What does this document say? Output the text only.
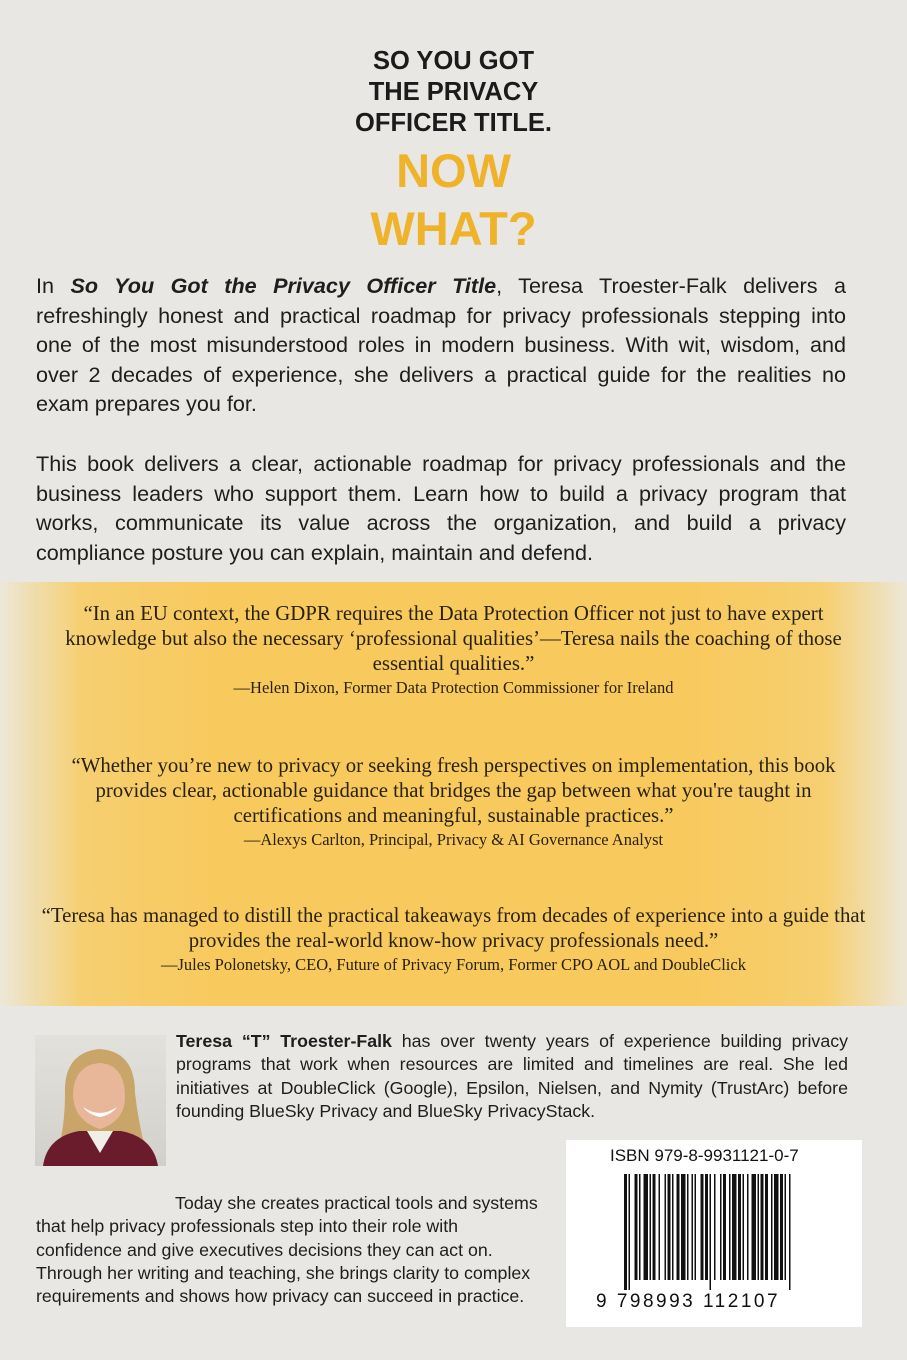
SO YOU GOT
THE PRIVACY
OFFICER TITLE.
NOW
WHAT?
In So You Got the Privacy Officer Title, Teresa Troester-Falk delivers a refreshingly honest and practical roadmap for privacy professionals stepping into one of the most misunderstood roles in modern business. With wit, wisdom, and over 2 decades of experience, she delivers a practical guide for the realities no exam prepares you for.
This book delivers a clear, actionable roadmap for privacy professionals and the business leaders who support them. Learn how to build a privacy program that works, communicate its value across the organization, and build a privacy compliance posture you can explain, maintain and defend.
“In an EU context, the GDPR requires the Data Protection Officer not just to have expert knowledge but also the necessary ‘professional qualities’—Teresa nails the coaching of those essential qualities.”
—Helen Dixon, Former Data Protection Commissioner for Ireland
“Whether you’re new to privacy or seeking fresh perspectives on implementation, this book provides clear, actionable guidance that bridges the gap between what you're taught in certifications and meaningful, sustainable practices.”
—Alexys Carlton, Principal, Privacy & AI Governance Analyst
“Teresa has managed to distill the practical takeaways from decades of experience into a guide that provides the real-world know-how privacy professionals need.”
—Jules Polonetsky, CEO, Future of Privacy Forum, Former CPO AOL and DoubleClick
Teresa “T” Troester-Falk has over twenty years of experience building privacy programs that work when resources are limited and timelines are real. She led initiatives at DoubleClick (Google), Epsilon, Nielsen, and Nymity (TrustArc) before founding BlueSky Privacy and BlueSky PrivacyStack.
Today she creates practical tools and systems that help privacy professionals step into their role with confidence and give executives decisions they can act on. Through her writing and teaching, she brings clarity to complex requirements and shows how privacy can succeed in practice.
ISBN 979-8-9931121-0-7
9 798993 112107
